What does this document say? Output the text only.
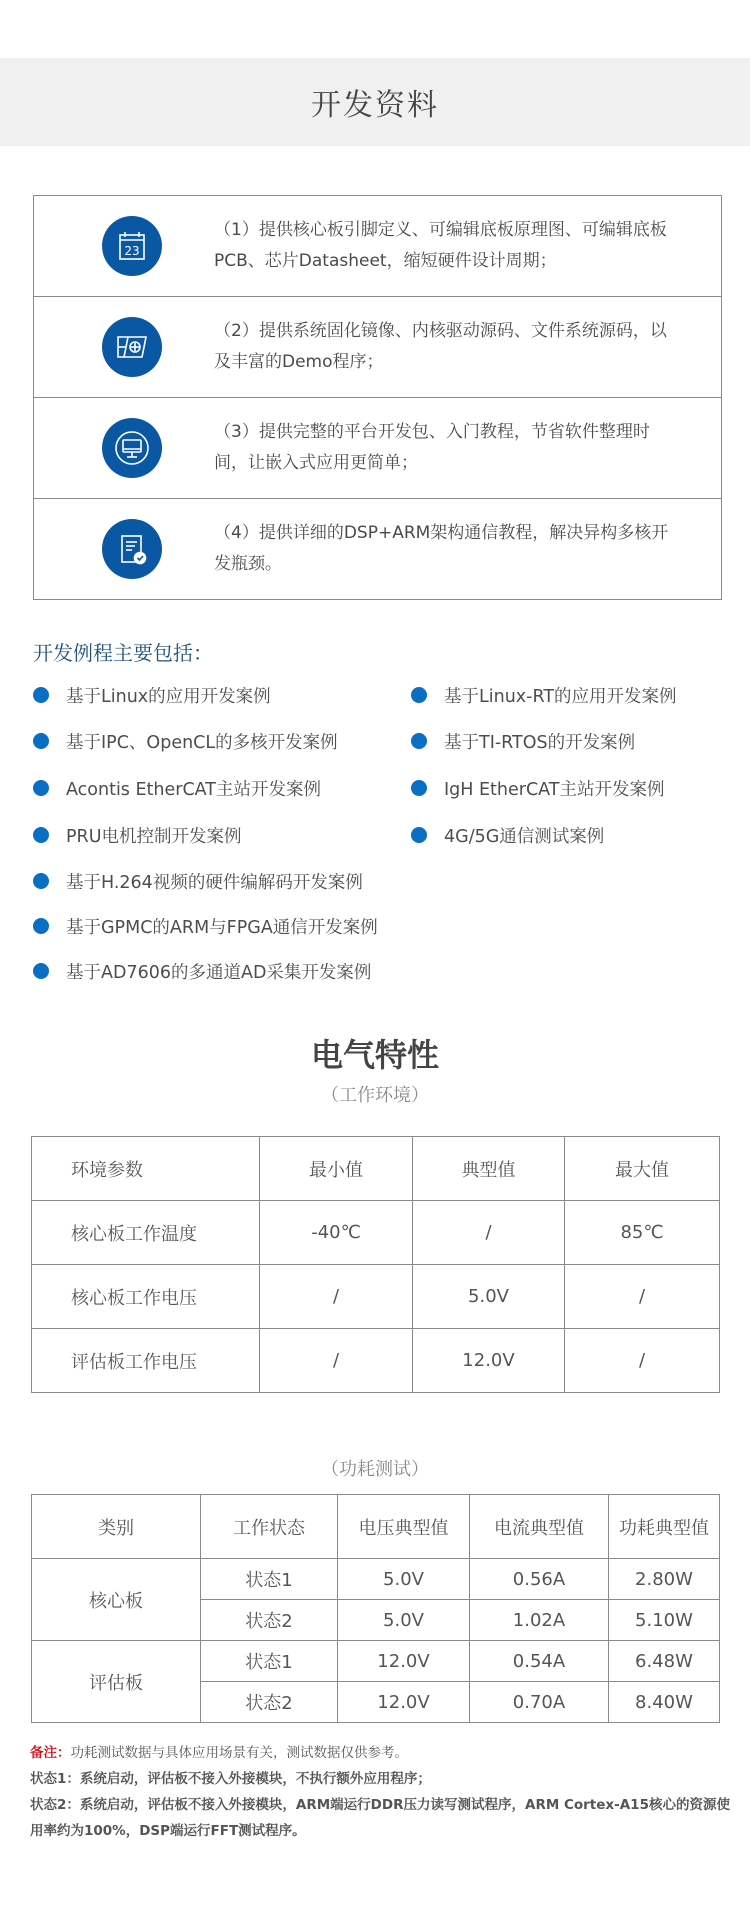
开发资料
23
（1）提供核心板引脚定义、可编辑底板原理图、可编辑底板PCB、芯片Datasheet，缩短硬件设计周期；
（2）提供系统固化镜像、内核驱动源码、文件系统源码，以及丰富的Demo程序；
（3）提供完整的平台开发包、入门教程，节省软件整理时间，让嵌入式应用更简单；
（4）提供详细的DSP+ARM架构通信教程，解决异构多核开发瓶颈。
开发例程主要包括：
基于Linux的应用开发案例	基于Linux-RT的应用开发案例
基于IPC、OpenCL的多核开发案例	基于TI-RTOS的开发案例
Acontis EtherCAT主站开发案例	IgH EtherCAT主站开发案例
PRU电机控制开发案例	4G/5G通信测试案例
基于H.264视频的硬件编解码开发案例
基于GPMC的ARM与FPGA通信开发案例
基于AD7606的多通道AD采集开发案例
电气特性
（工作环境）
环境参数	最小值	典型值	最大值
核心板工作温度	-40℃	/	85℃
核心板工作电压	/	5.0V	/
评估板工作电压	/	12.0V	/
（功耗测试）
类别	工作状态	电压典型值	电流典型值	功耗典型值
核心板	状态1	5.0V	0.56A	2.80W
	状态2	5.0V	1.02A	5.10W
评估板	状态1	12.0V	0.54A	6.48W
	状态2	12.0V	0.70A	8.40W
备注：功耗测试数据与具体应用场景有关，测试数据仅供参考。
状态1：系统启动，评估板不接入外接模块，不执行额外应用程序；
状态2：系统启动，评估板不接入外接模块，ARM端运行DDR压力读写测试程序，ARM Cortex-A15核心的资源使用率约为100%，DSP端运行FFT测试程序。
